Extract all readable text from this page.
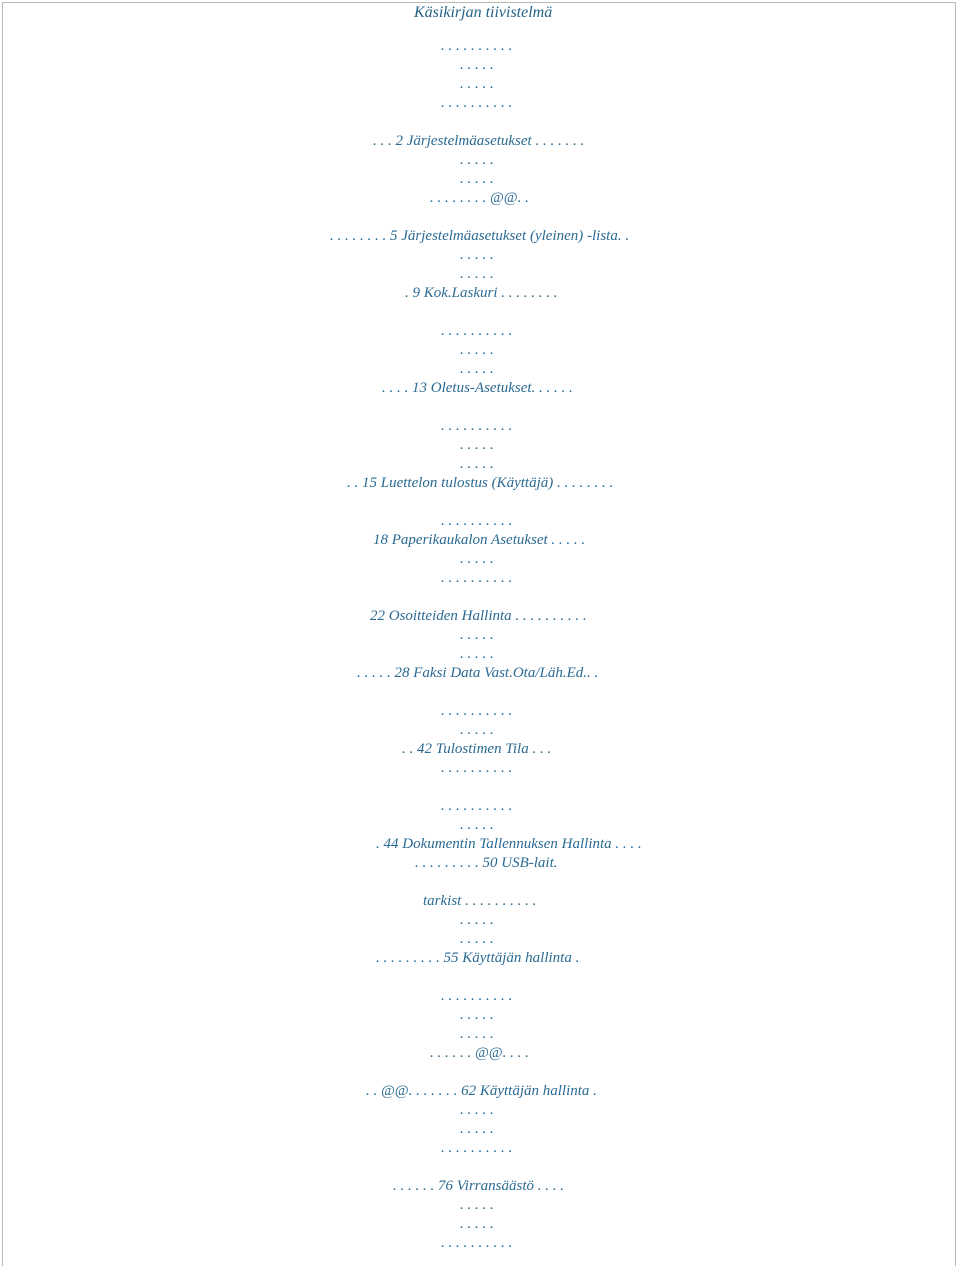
Käsikirjan tiivistelmä
. . . . . . . . . .
. . . . .
. . . . .
. . . . . . . . . .
. . . 2 Järjestelmäasetukset . . . . . . .
. . . . .
. . . . .
. . . . . . . . @@. .
. . . . . . . . 5 Järjestelmäasetukset (yleinen) -lista. .
. . . . .
. . . . .
. 9 Kok.Laskuri . . . . . . . .
. . . . . . . . . .
. . . . .
. . . . .
. . . . 13 Oletus-Asetukset. . . . . .
. . . . . . . . . .
. . . . .
. . . . .
. . 15 Luettelon tulostus (Käyttäjä) . . . . . . . .
. . . . . . . . . .
18 Paperikaukalon Asetukset . . . . .
. . . . .
. . . . . . . . . .
22 Osoitteiden Hallinta . . . . . . . . . .
. . . . .
. . . . .
. . . . . 28 Faksi Data Vast.Ota/Läh.Ed.. .
. . . . . . . . . .
. . . . .
. . 42 Tulostimen Tila . . .
. . . . . . . . . .
. . . . . . . . . .
. . . . .
. 44 Dokumentin Tallennuksen Hallinta . . . .
. . . . . . . . . 50 USB-lait.
tarkist . . . . . . . . . .
. . . . .
. . . . .
. . . . . . . . . 55 Käyttäjän hallinta .
. . . . . . . . . .
. . . . .
. . . . .
. . . . . . @@. . . .
. . @@. . . . . . . 62 Käyttäjän hallinta .
. . . . .
. . . . .
. . . . . . . . . .
. . . . . . 76 Virransäästö . . . .
. . . . .
. . . . .
. . . . . . . . . .
